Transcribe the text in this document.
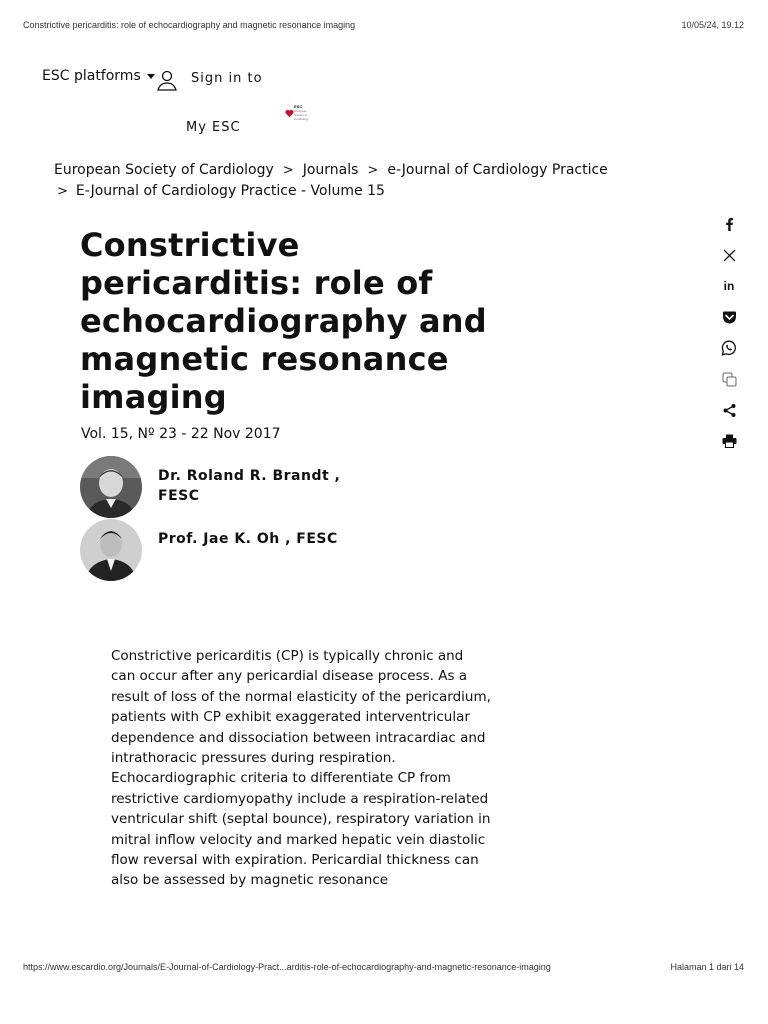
Constrictive pericarditis: role of echocardiography and magnetic resonance imaging	10/05/24, 19.12
ESC platforms	Sign in to
My ESC
ESC
European Society of Cardiology
European Society of Cardiology > Journals > e-Journal of Cardiology Practice
> E-Journal of Cardiology Practice - Volume 15
Constrictive pericarditis: role of echocardiography and magnetic resonance imaging
Vol. 15, Nº 23 - 22 Nov 2017
Dr. Roland R. Brandt ,
FESC
Prof. Jae K. Oh , FESC

Constrictive pericarditis (CP) is typically chronic and can occur after any pericardial disease process. As a result of loss of the normal elasticity of the pericardium, patients with CP exhibit exaggerated interventricular dependence and dissociation between intracardiac and intrathoracic pressures during respiration. Echocardiographic criteria to differentiate CP from restrictive cardiomyopathy include a respiration-related ventricular shift (septal bounce), respiratory variation in mitral inflow velocity and marked hepatic vein diastolic flow reversal with expiration. Pericardial thickness can also be assessed by magnetic resonance

in
https://www.escardio.org/Journals/E-Journal-of-Cardiology-Pract...arditis-role-of-echocardiography-and-magnetic-resonance-imaging	Halaman 1 dari 14
